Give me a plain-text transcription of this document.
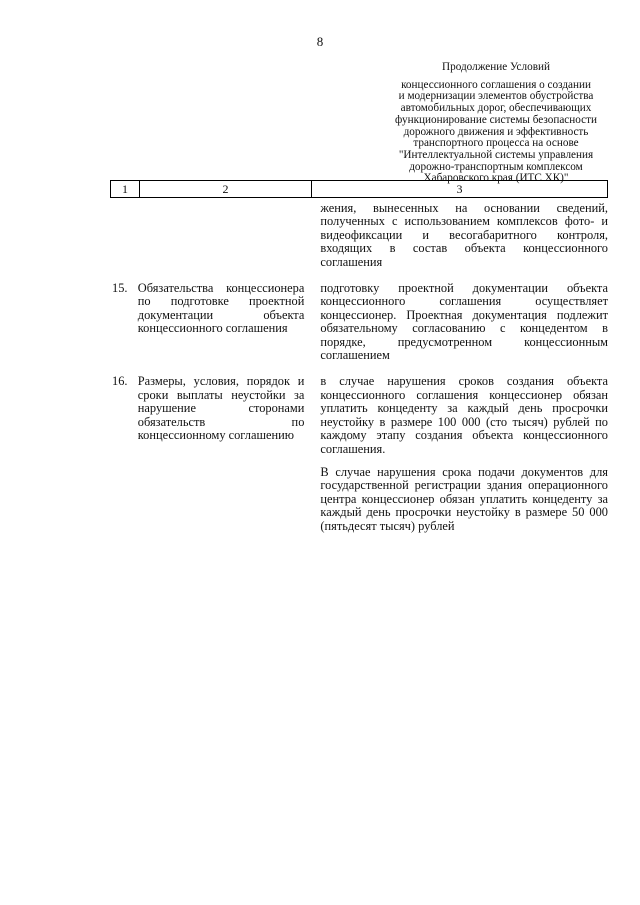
8
Продолжение Условий
концессионного соглашения о создании
и модернизации элементов обустройства
автомобильных дорог, обеспечивающих
функционирование системы безопасности
дорожного движения и эффективность
транспортного процесса на основе
"Интеллектуальной системы управления
дорожно-транспортным комплексом
Хабаровского края (ИТС ХК)"
1	2	3

жения, вынесенных на основании сведений, полученных с использованием комплексов фото- и видеофиксации и весогабаритного контроля, входящих в состав объекта концессионного соглашения

15. Обязательства концессионера по подготовке проектной документации объекта концессионного соглашения

подготовку проектной документации объекта концессионного соглашения осуществляет концессионер. Проектная документация подлежит обязательному согласованию с концедентом в порядке, предусмотренном концессионным соглашением

16. Размеры, условия, порядок и сроки выплаты неустойки за нарушение сторонами обязательств по концессионному соглашению

в случае нарушения сроков создания объекта концессионного соглашения концессионер обязан уплатить концеденту за каждый день просрочки неустойку в размере 100 000 (сто тысяч) рублей по каждому этапу создания объекта концессионного соглашения.

В случае нарушения срока подачи документов для государственной регистрации здания операционного центра концессионер обязан уплатить концеденту за каждый день просрочки неустойку в размере 50 000 (пятьдесят тысяч) рублей
